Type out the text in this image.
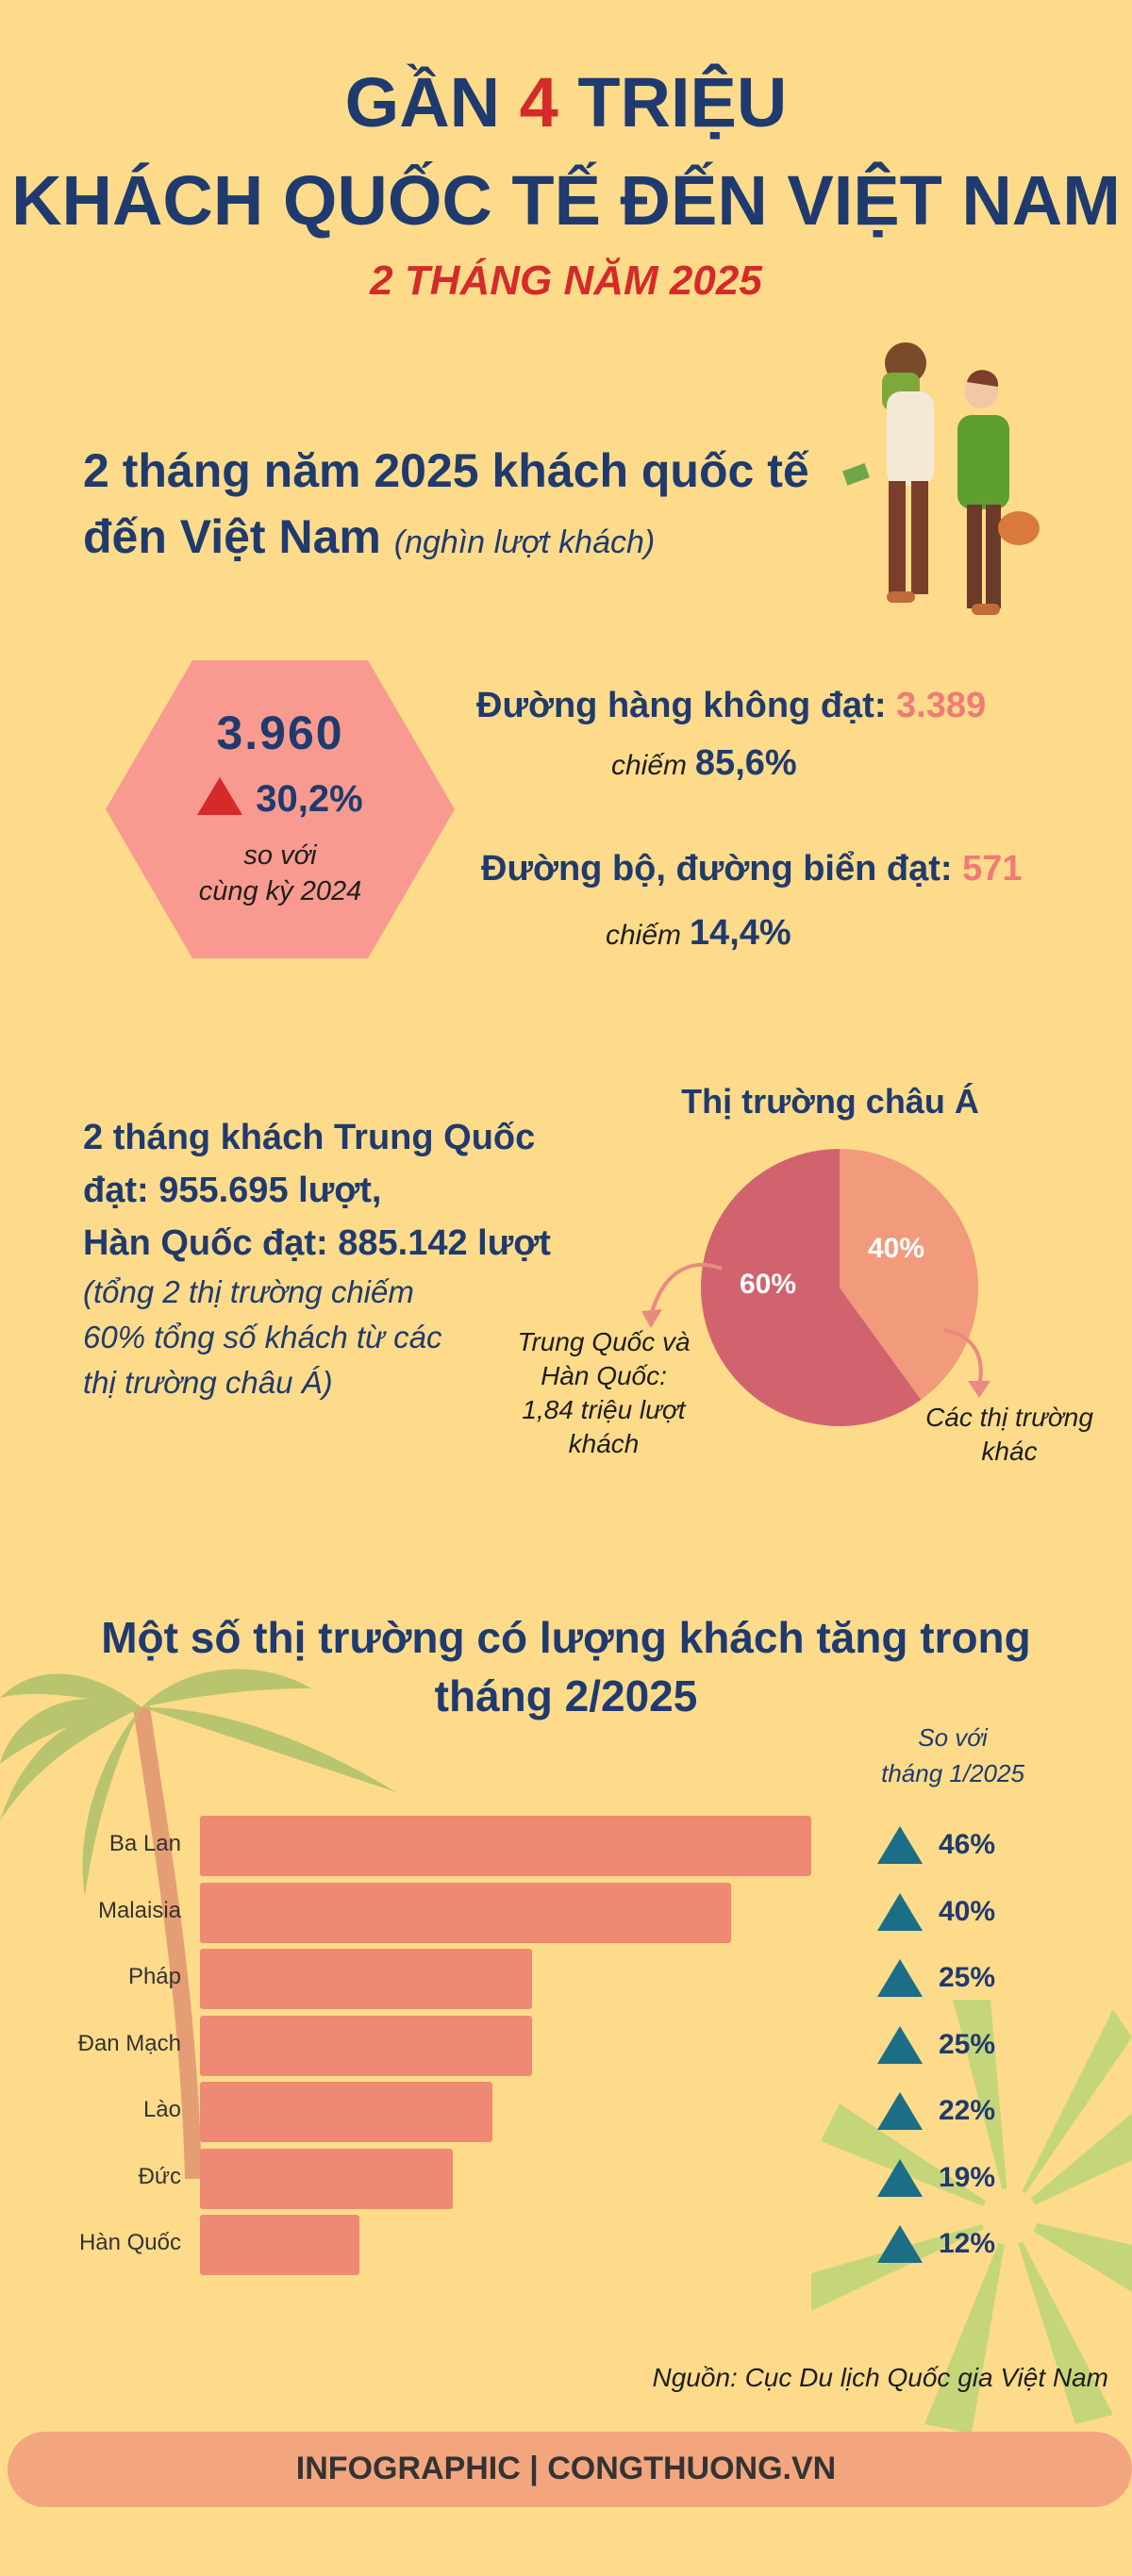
GẦN 4 TRIỆU
KHÁCH QUỐC TẾ ĐẾN VIỆT NAM
2 THÁNG NĂM 2025
2 tháng năm 2025 khách quốc tế
đến Việt Nam (nghìn lượt khách)
3.960
30,2%
so với
cùng kỳ 2024
Đường hàng không đạt: 3.389
chiếm 85,6%
Đường bộ, đường biển đạt: 571
chiếm 14,4%
2 tháng khách Trung Quốc
đạt: 955.695 lượt,
Hàn Quốc đạt: 885.142 lượt
(tổng 2 thị trường chiếm
60% tổng số khách từ các
thị trường châu Á)
Thị trường châu Á
60%
40%
Trung Quốc và
Hàn Quốc:
1,84 triệu lượt
khách
Các thị trường
khác
Một số thị trường có lượng khách tăng trong
tháng 2/2025
So với
tháng 1/2025
Ba Lan	46%
Malaisia	40%
Pháp	25%
Đan Mạch	25%
Lào	22%
Đức	19%
Hàn Quốc	12%
Nguồn: Cục Du lịch Quốc gia Việt Nam
INFOGRAPHIC | CONGTHUONG.VN
